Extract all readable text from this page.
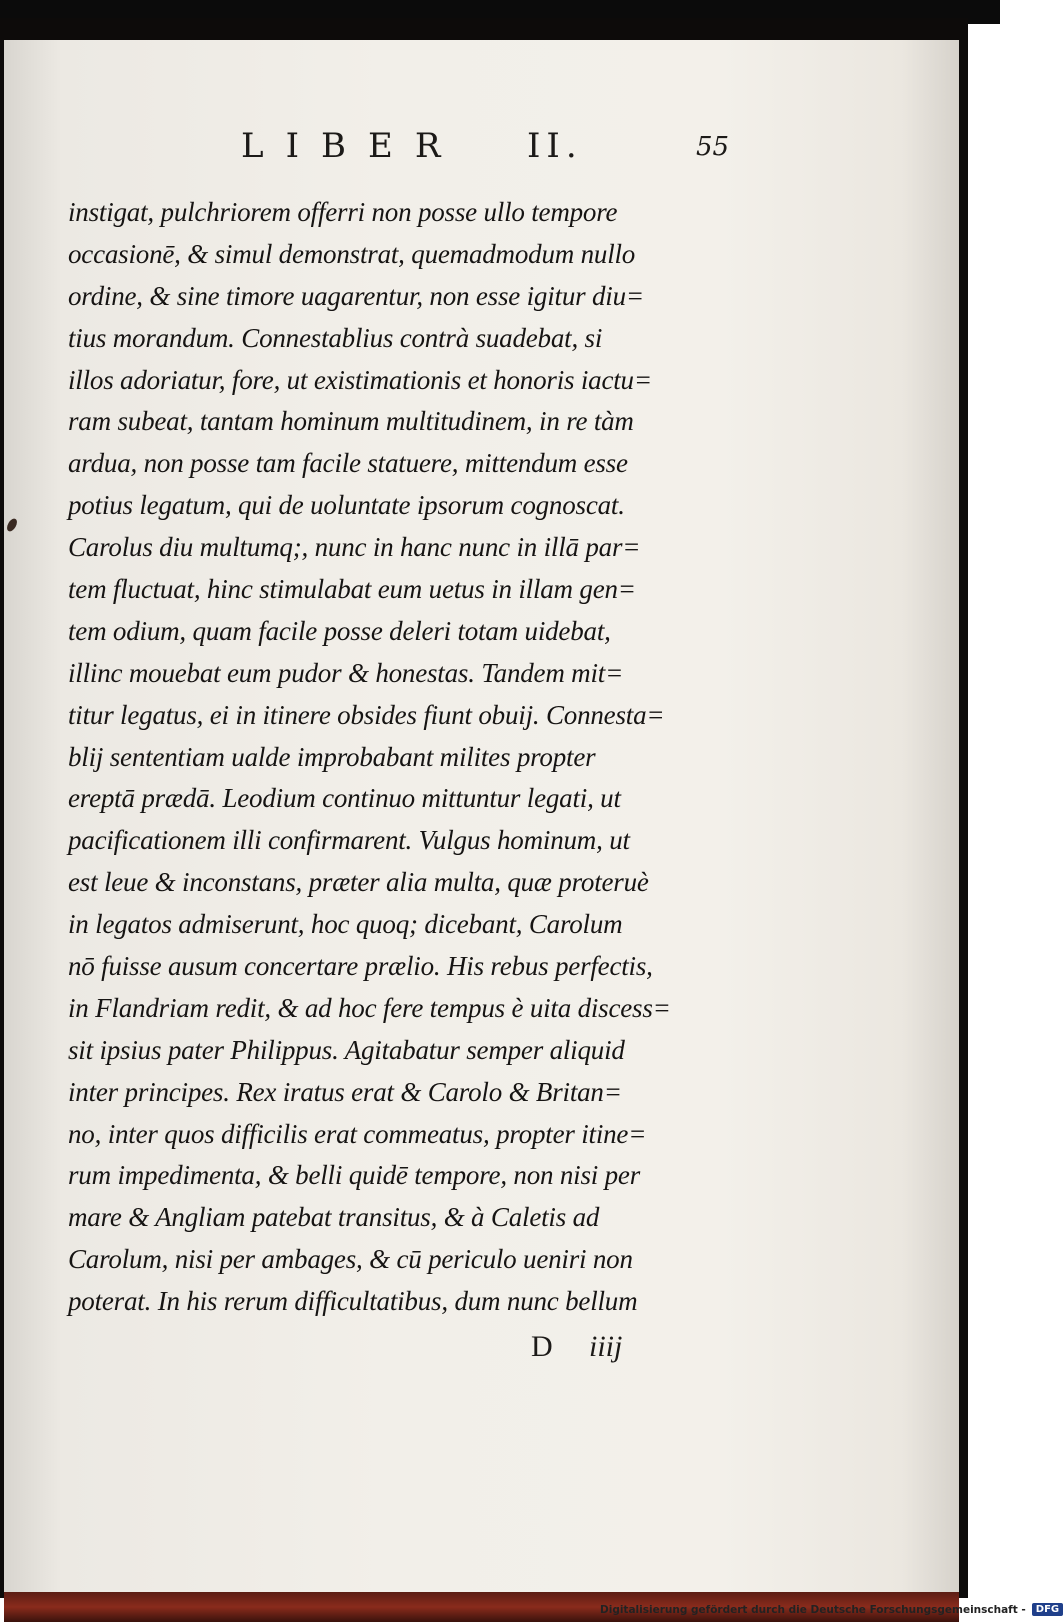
LIBER II.	55
instigat, pulchriorem offerri non posse ullo tempore
occasionē, & simul demonstrat, quemadmodum nullo
ordine, & sine timore uagarentur, non esse igitur diu=
tius morandum. Connestablius contrà suadebat, si
illos adoriatur, fore, ut existimationis et honoris iactu=
ram subeat, tantam hominum multitudinem, in re tàm
ardua, non posse tam facile statuere, mittendum esse
potius legatum, qui de uoluntate ipsorum cognoscat.
Carolus diu multumq;, nunc in hanc nunc in illā par=
tem fluctuat, hinc stimulabat eum uetus in illam gen=
tem odium, quam facile posse deleri totam uidebat,
illinc mouebat eum pudor & honestas. Tandem mit=
titur legatus, ei in itinere obsides fiunt obuij. Connesta=
blij sententiam ualde improbabant milites propter
ereptā prædā. Leodium continuo mittuntur legati, ut
pacificationem illi confirmarent. Vulgus hominum, ut
est leue & inconstans, præter alia multa, quæ proteruè
in legatos admiserunt, hoc quoq; dicebant, Carolum
nō fuisse ausum concertare prælio. His rebus perfectis,
in Flandriam redit, & ad hoc fere tempus è uita discess=
sit ipsius pater Philippus. Agitabatur semper aliquid
inter principes. Rex iratus erat & Carolo & Britan=
no, inter quos difficilis erat commeatus, propter itine=
rum impedimenta, & belli quidē tempore, non nisi per
mare & Angliam patebat transitus, & à Caletis ad
Carolum, nisi per ambages, & cū periculo ueniri non
poterat. In his rerum difficultatibus, dum nunc bellum
D iiij
Digitalisierung gefördert durch die Deutsche Forschungsgemeinschaft -	DFG
